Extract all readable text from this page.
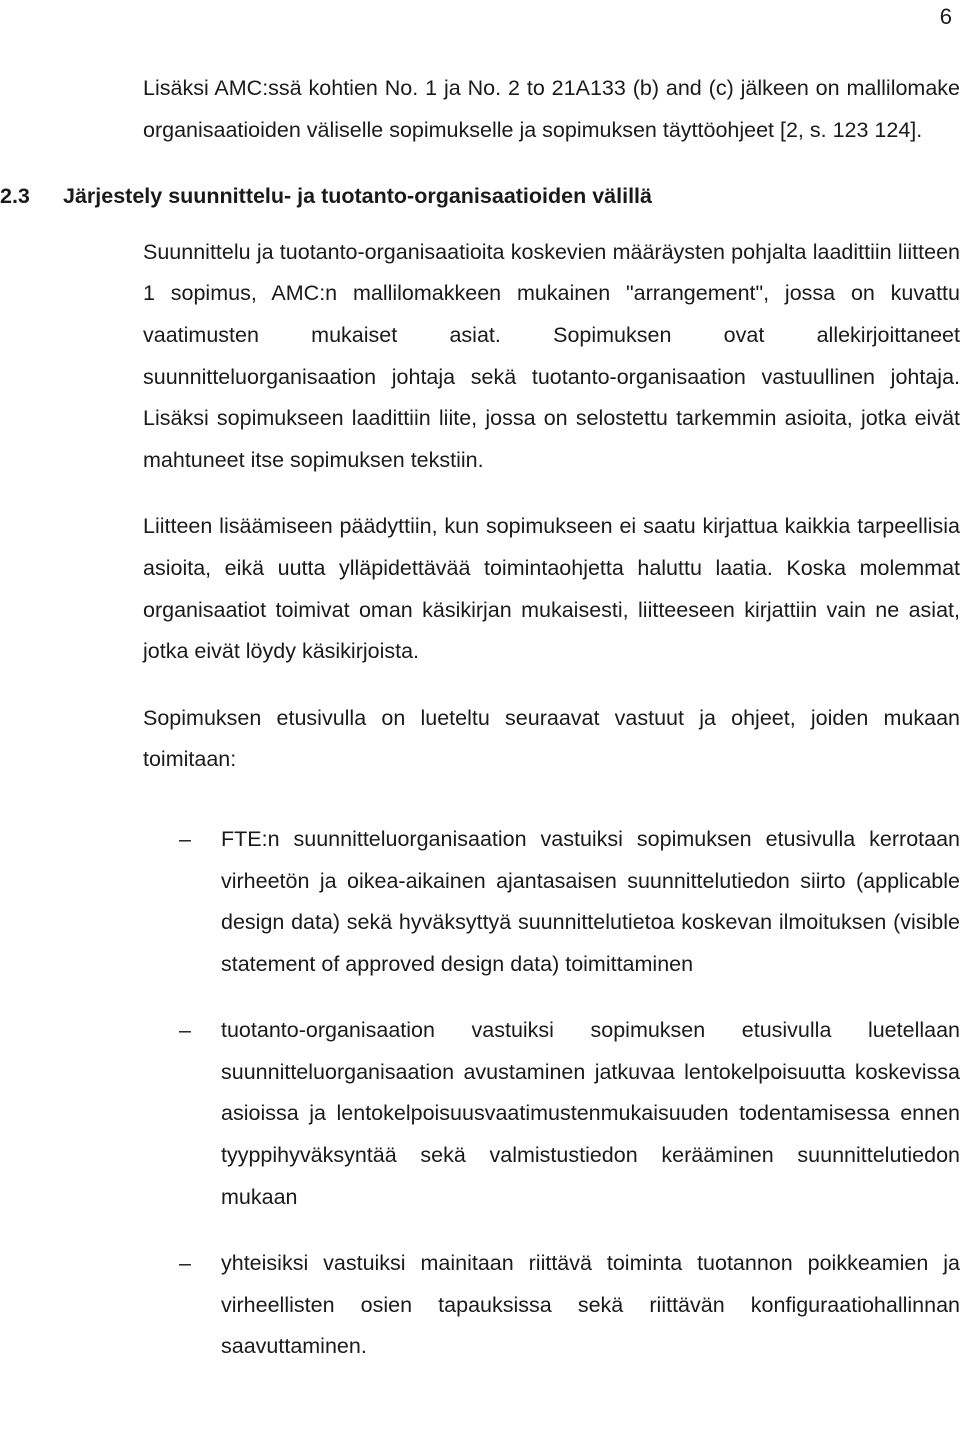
6

Lisäksi AMC:ssä kohtien No. 1 ja No. 2 to 21A133 (b) and (c) jälkeen on mallilomake organisaatioiden väliselle sopimukselle ja sopimuksen täyttöohjeet [2, s. 123 124].

2.3	Järjestely suunnittelu- ja tuotanto-organisaatioiden välillä

Suunnittelu ja tuotanto-organisaatioita koskevien määräysten pohjalta laadittiin liitteen 1 sopimus, AMC:n mallilomakkeen mukainen "arrangement", jossa on kuvattu vaatimusten mukaiset asiat. Sopimuksen ovat allekirjoittaneet suunnitteluorganisaation johtaja sekä tuotanto-organisaation vastuullinen johtaja. Lisäksi sopimukseen laadittiin liite, jossa on selostettu tarkemmin asioita, jotka eivät mahtuneet itse sopimuksen tekstiin.

Liitteen lisäämiseen päädyttiin, kun sopimukseen ei saatu kirjattua kaikkia tarpeellisia asioita, eikä uutta ylläpidettävää toimintaohjetta haluttu laatia. Koska molemmat organisaatiot toimivat oman käsikirjan mukaisesti, liitteeseen kirjattiin vain ne asiat, jotka eivät löydy käsikirjoista.

Sopimuksen etusivulla on lueteltu seuraavat vastuut ja ohjeet, joiden mukaan toimitaan:

– FTE:n suunnitteluorganisaation vastuiksi sopimuksen etusivulla kerrotaan virheetön ja oikea-aikainen ajantasaisen suunnittelutiedon siirto (applicable design data) sekä hyväksyttyä suunnittelutietoa koskevan ilmoituksen (visible statement of approved design data) toimittaminen
– tuotanto-organisaation vastuiksi sopimuksen etusivulla luetellaan suunnitteluorganisaation avustaminen jatkuvaa lentokelpoisuutta koskevissa asioissa ja lentokelpoisuusvaatimustenmukaisuuden todentamisessa ennen tyyppihyväksyntää sekä valmistustiedon kerääminen suunnittelutiedon mukaan
– yhteisiksi vastuiksi mainitaan riittävä toiminta tuotannon poikkeamien ja virheellisten osien tapauksissa sekä riittävän konfiguraatiohallinnan saavuttaminen.
